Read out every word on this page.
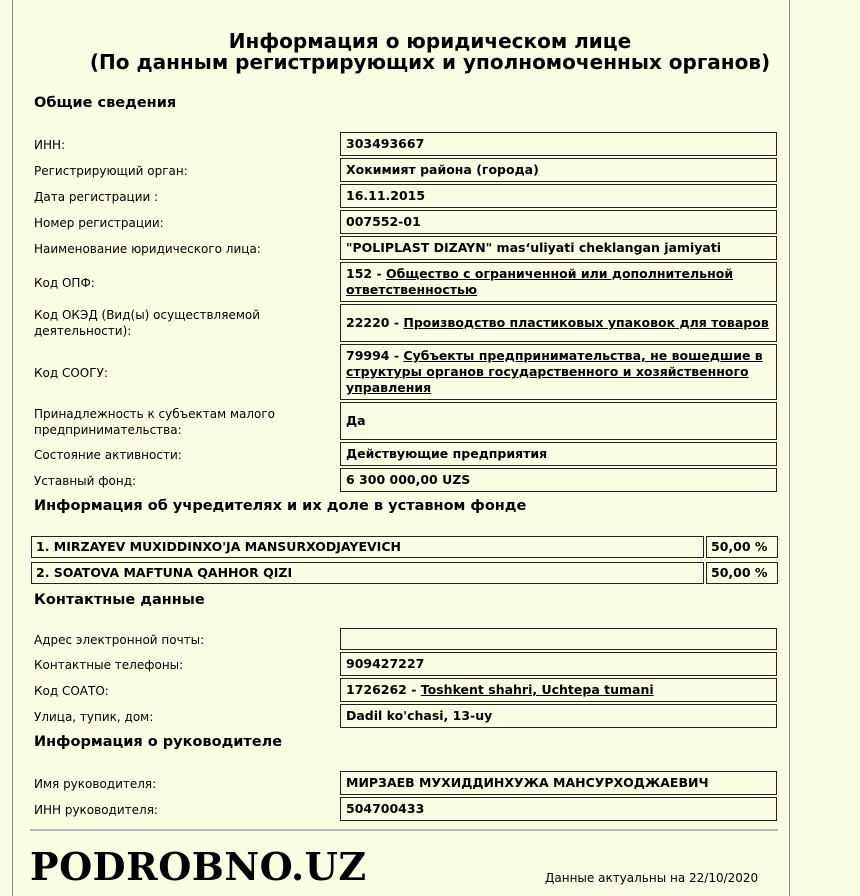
Информация о юридическом лице
(По данным регистрирующих и уполномоченных органов)
Общие сведения
ИНН:	303493667
Регистрирующий орган:	Хокимият района (города)
Дата регистрации :	16.11.2015
Номер регистрации:	007552-01
Наименование юридического лица:	"POLIPLAST DIZAYN" mas‘uliyati cheklangan jamiyati
Код ОПФ:
152 - Общество с ограниченной или дополнительной ответственностью
Код ОКЭД (Вид(ы) осуществляемой деятельности):
22220 - Производство пластиковых упаковок для товаров
Код СООГУ:
79994 - Субъекты предпринимательства, не вошедшие в структуры органов государственного и хозяйственного управления
Принадлежность к субъектам малого предпринимательства:
Да
Состояние активности:	Действующие предприятия
Уставный фонд:	6 300 000,00 UZS
Информация об учредителях и их доле в уставном фонде
1. MIRZAYEV MUXIDDINXO'JA MANSURXODJAYEVICH	50,00 %
2. SOATOVA MAFTUNA QAHHOR QIZI	50,00 %
Контактные данные
Адрес электронной почты:
Контактные телефоны:	909427227
Код СОАТО:	1726262 - Toshkent shahri, Uchtepa tumani
Улица, тупик, дом:	Dadil ko'chasi, 13-uy
Информация о руководителе
Имя руководителя:	МИРЗАЕВ МУХИДДИНХУЖА МАНСУРХОДЖАЕВИЧ
ИНН руководителя:	504700433
PODROBNO.UZ	Данные актуальны на 22/10/2020
